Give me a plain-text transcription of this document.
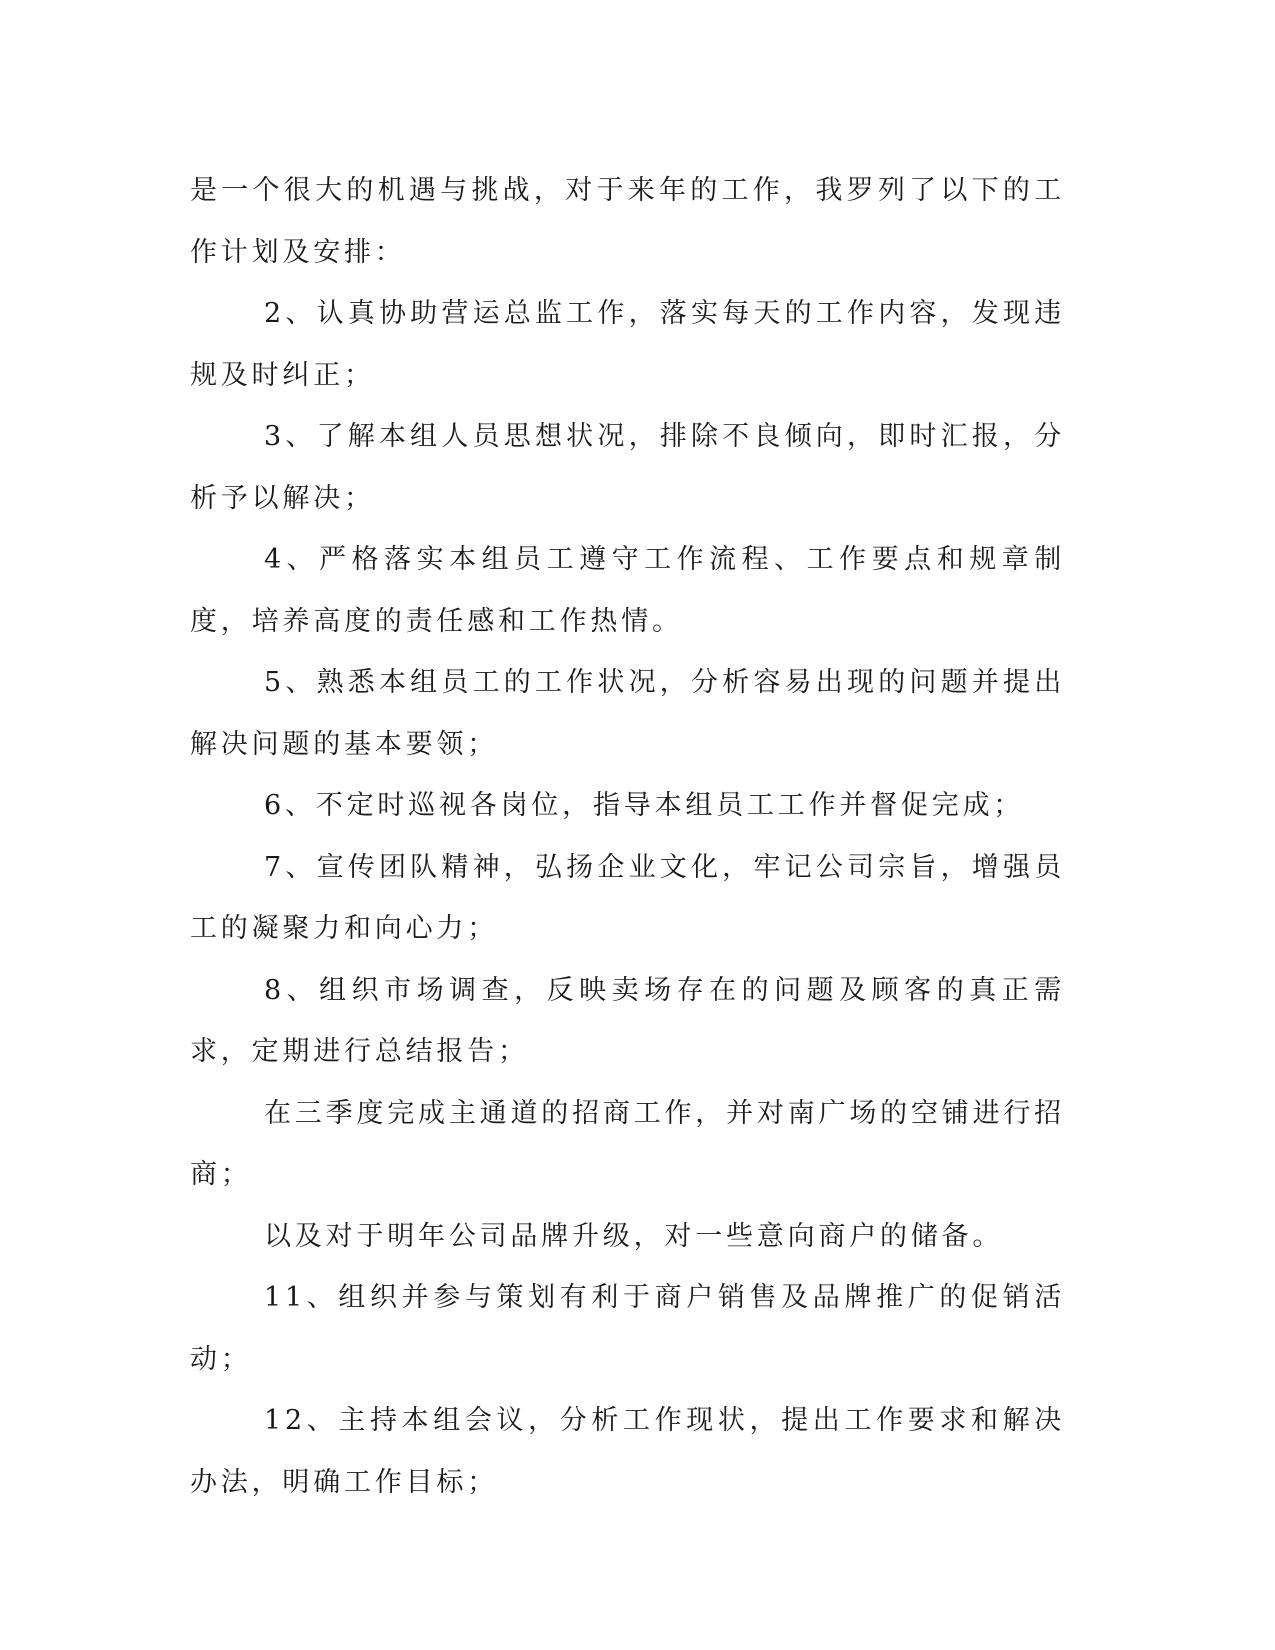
是一个很大的机遇与挑战，对于来年的工作，我罗列了以下的工作计划及安排：

2、认真协助营运总监工作，落实每天的工作内容，发现违规及时纠正；

3、了解本组人员思想状况，排除不良倾向，即时汇报，分析予以解决；

4、严格落实本组员工遵守工作流程、工作要点和规章制度，培养高度的责任感和工作热情。

5、熟悉本组员工的工作状况，分析容易出现的问题并提出解决问题的基本要领；

6、不定时巡视各岗位，指导本组员工工作并督促完成；

7、宣传团队精神，弘扬企业文化，牢记公司宗旨，增强员工的凝聚力和向心力；

8、组织市场调查，反映卖场存在的问题及顾客的真正需求，定期进行总结报告；

在三季度完成主通道的招商工作，并对南广场的空铺进行招商；

以及对于明年公司品牌升级，对一些意向商户的储备。

11、组织并参与策划有利于商户销售及品牌推广的促销活动；

12、主持本组会议，分析工作现状，提出工作要求和解决办法，明确工作目标；
